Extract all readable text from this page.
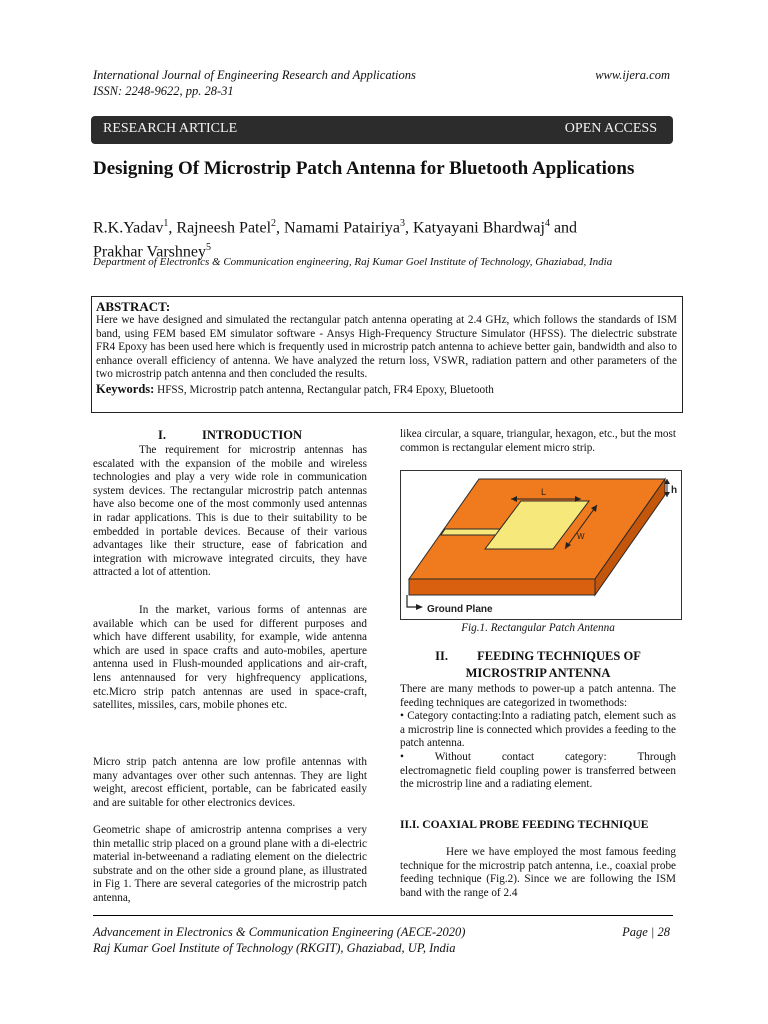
International Journal of Engineering Research and Applications
ISSN: 2248-9622, pp. 28-31
www.ijera.com
RESEARCH ARTICLE	OPEN ACCESS
Designing Of Microstrip Patch Antenna for Bluetooth Applications
R.K.Yadav$^1$, Rajneesh Patel$^2$, Namami Patairiya$^3$, Katyayani Bhardwaj$^4$ and
Prakhar Varshney$^5$
Department of Electronics & Communication engineering, Raj Kumar Goel Institute of Technology, Ghaziabad, India
ABSTRACT:
Here we have designed and simulated the rectangular patch antenna operating at 2.4 GHz, which follows the standards of ISM band, using FEM based EM simulator software - Ansys High-Frequency Structure Simulator (HFSS). The dielectric substrate FR4 Epoxy has been used here which is frequently used in microstrip patch antenna to achieve better gain, bandwidth and also to enhance overall efficiency of antenna. We have analyzed the return loss, VSWR, radiation pattern and other parameters of the two microstrip patch antenna and then concluded the results.
Keywords: HFSS, Microstrip patch antenna, Rectangular patch, FR4 Epoxy, Bluetooth
I.	INTRODUCTION
The requirement for microstrip antennas has escalated with the expansion of the mobile and wireless technologies and play a very wide role in communication system devices. The rectangular microstrip patch antennas have also become one of the most commonly used antennas in radar applications. This is due to their suitability to be embedded in portable devices. Because of their various advantages like their structure, ease of fabrication and integration with microwave integrated circuits, they have attracted a lot of attention.
In the market, various forms of antennas are available which can be used for different purposes and which have different usability, for example, wide antenna which are used in space crafts and auto-mobiles, aperture antenna used in Flush-mounded applications and air-craft, lens antennaused for very highfrequency applications, etc.Micro strip patch antennas are used in space-craft, satellites, missiles, cars, mobile phones etc.
Micro strip patch antenna are low profile antennas with many advantages over other such antennas. They are light weight, arecost efficient, portable, can be fabricated easily and are suitable for other electronics devices.
Geometric shape of amicrostrip antenna comprises a very thin metallic strip placed on a ground plane with a di-electric material in-betweenand a radiating element on the dielectric substrate and on the other side a ground plane, as illustrated in Fig 1. There are several categories of the microstrip patch antenna,
likea circular, a square, triangular, hexagon, etc., but the most common is rectangular element micro strip.
L
W
h
Ground Plane
Fig.1. Rectangular Patch Antenna
II. FEEDING TECHNIQUES OF
MICROSTRIP ANTENNA
There are many methods to power-up a patch antenna. The feeding techniques are categorized in twomethods:
• Category contacting:Into a radiating patch, element such as a microstrip line is connected which provides a feeding to the patch antenna.
•	Without	contact	category:	Through
electromagnetic field coupling power is transferred between the microstrip line and a radiating element.
II.I. COAXIAL PROBE FEEDING TECHNIQUE
Here we have employed the most famous feeding technique for the microstrip patch antenna, i.e., coaxial probe feeding technique (Fig.2). Since we are following the ISM band with the range of 2.4
Advancement in Electronics & Communication Engineering (AECE-2020)
Raj Kumar Goel Institute of Technology (RKGIT), Ghaziabad, UP, India
Page | 28
